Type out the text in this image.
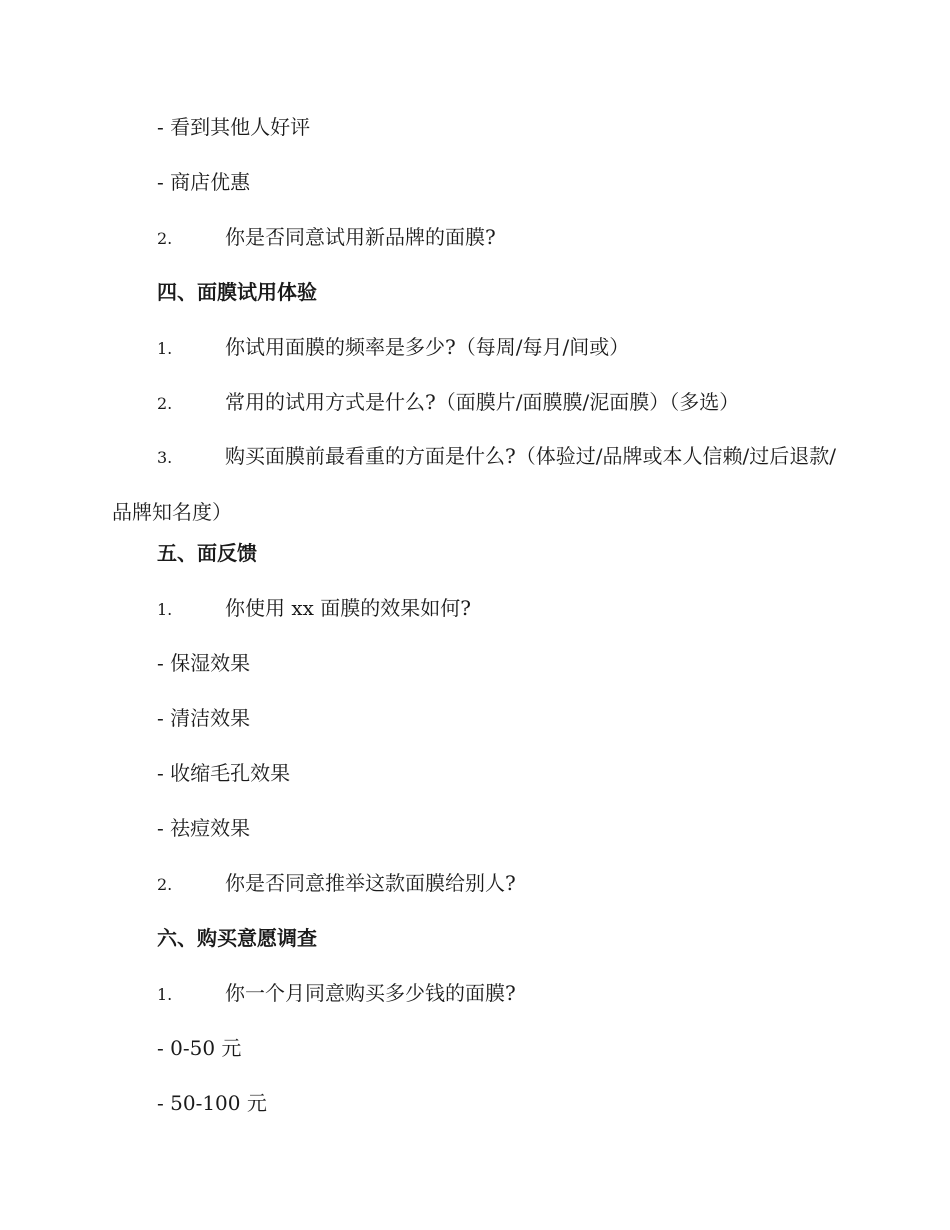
- 看到其他人好评
- 商店优惠
2.	你是否同意试用新品牌的面膜?
四、面膜试用体验
1.	你试用面膜的频率是多少?（每周/每月/间或）
2.	常用的试用方式是什么?（面膜片/面膜膜/泥面膜）（多选）
3.	购买面膜前最看重的方面是什么?（体验过/品牌或本人信赖/过后退款/品牌知名度）
五、面反馈
1.	你使用 xx 面膜的效果如何?
- 保湿效果
- 清洁效果
- 收缩毛孔效果
- 祛痘效果
2.	你是否同意推举这款面膜给别人?
六、购买意愿调查
1.	你一个月同意购买多少钱的面膜?
- 0-50 元
- 50-100 元
